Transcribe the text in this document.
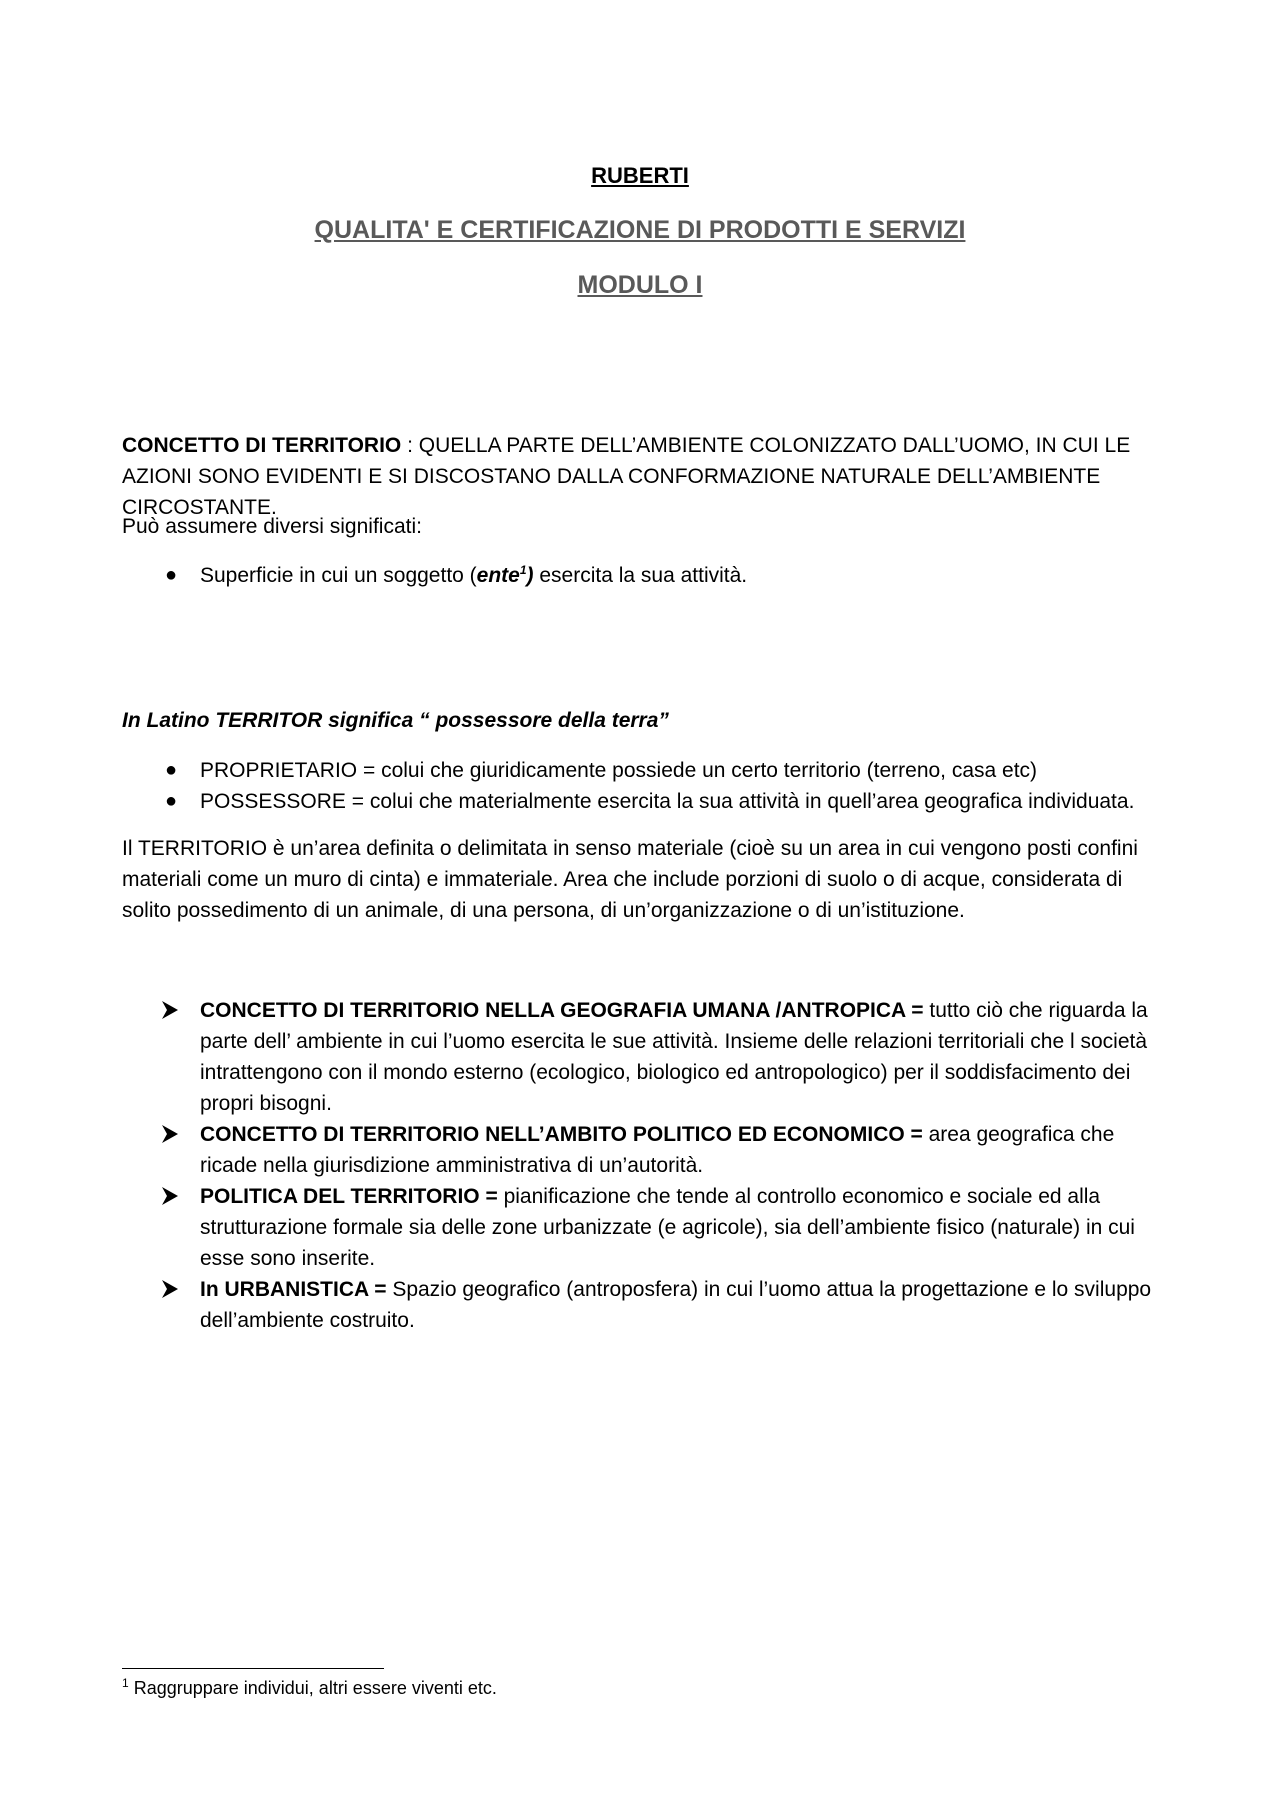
RUBERTI
QUALITA' E CERTIFICAZIONE DI PRODOTTI E SERVIZI
MODULO I
CONCETTO DI TERRITORIO : QUELLA PARTE DELL’AMBIENTE COLONIZZATO DALL’UOMO, IN CUI LE AZIONI SONO EVIDENTI E SI DISCOSTANO DALLA CONFORMAZIONE NATURALE DELL’AMBIENTE CIRCOSTANTE.
Può assumere diversi significati:
● Superficie in cui un soggetto (ente$^1$) esercita la sua attività.
In Latino TERRITOR significa “ possessore della terra”
● PROPRIETARIO = colui che giuridicamente possiede un certo territorio (terreno, casa etc)
● POSSESSORE = colui che materialmente esercita la sua attività in quell’area geografica individuata.
Il TERRITORIO è un’area definita o delimitata in senso materiale (cioè su un area in cui vengono posti confini materiali come un muro di cinta) e immateriale. Area che include porzioni di suolo o di acque, considerata di solito possedimento di un animale, di una persona, di un’organizzazione o di un’istituzione.
CONCETTO DI TERRITORIO NELLA GEOGRAFIA UMANA /ANTROPICA = tutto ciò che riguarda la parte dell’ ambiente in cui l’uomo esercita le sue attività. Insieme delle relazioni territoriali che l società intrattengono con il mondo esterno (ecologico, biologico ed antropologico) per il soddisfacimento dei propri bisogni.
CONCETTO DI TERRITORIO NELL’AMBITO POLITICO ED ECONOMICO = area geografica che ricade nella giurisdizione amministrativa di un’autorità.
POLITICA DEL TERRITORIO = pianificazione che tende al controllo economico e sociale ed alla strutturazione formale sia delle zone urbanizzate (e agricole), sia dell’ambiente fisico (naturale) in cui esse sono inserite.
In URBANISTICA = Spazio geografico (antroposfera) in cui l’uomo attua la progettazione e lo sviluppo dell’ambiente costruito.
$^1$ Raggruppare individui, altri essere viventi etc.
